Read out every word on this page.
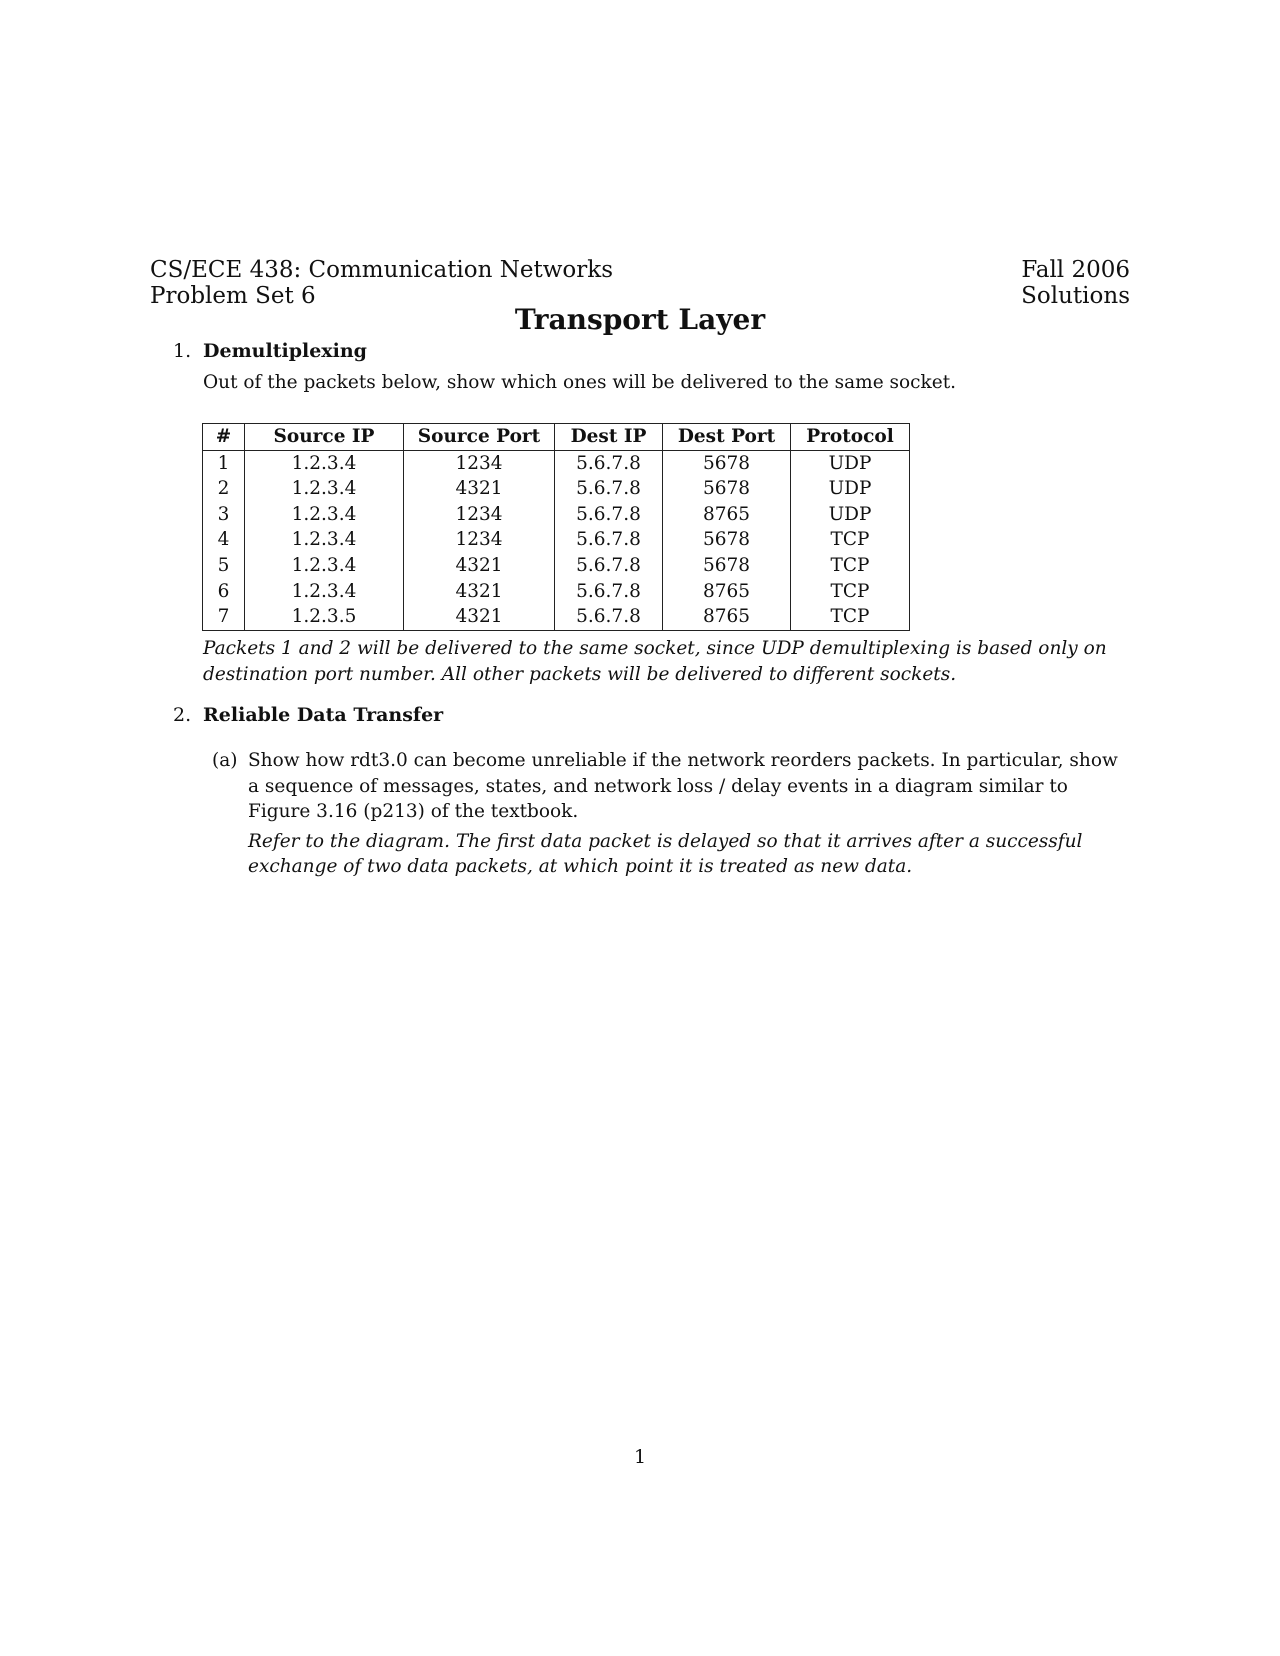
CS/ECE 438: Communication Networks
Problem Set 6
Fall 2006
Solutions
Transport Layer
1. Demultiplexing
Out of the packets below, show which ones will be delivered to the same socket.
#	Source IP	Source Port	Dest IP	Dest Port	Protocol
1	1.2.3.4	1234	5.6.7.8	5678	UDP
2	1.2.3.4	4321	5.6.7.8	5678	UDP
3	1.2.3.4	1234	5.6.7.8	8765	UDP
4	1.2.3.4	1234	5.6.7.8	5678	TCP
5	1.2.3.4	4321	5.6.7.8	5678	TCP
6	1.2.3.4	4321	5.6.7.8	8765	TCP
7	1.2.3.5	4321	5.6.7.8	8765	TCP
Packets 1 and 2 will be delivered to the same socket, since UDP demultiplexing is based only on destination port number. All other packets will be delivered to different sockets.
2. Reliable Data Transfer
(a) Show how rdt3.0 can become unreliable if the network reorders packets. In particular, show a sequence of messages, states, and network loss / delay events in a diagram similar to Figure 3.16 (p213) of the textbook.
Refer to the diagram. The first data packet is delayed so that it arrives after a successful exchange of two data packets, at which point it is treated as new data.
1
